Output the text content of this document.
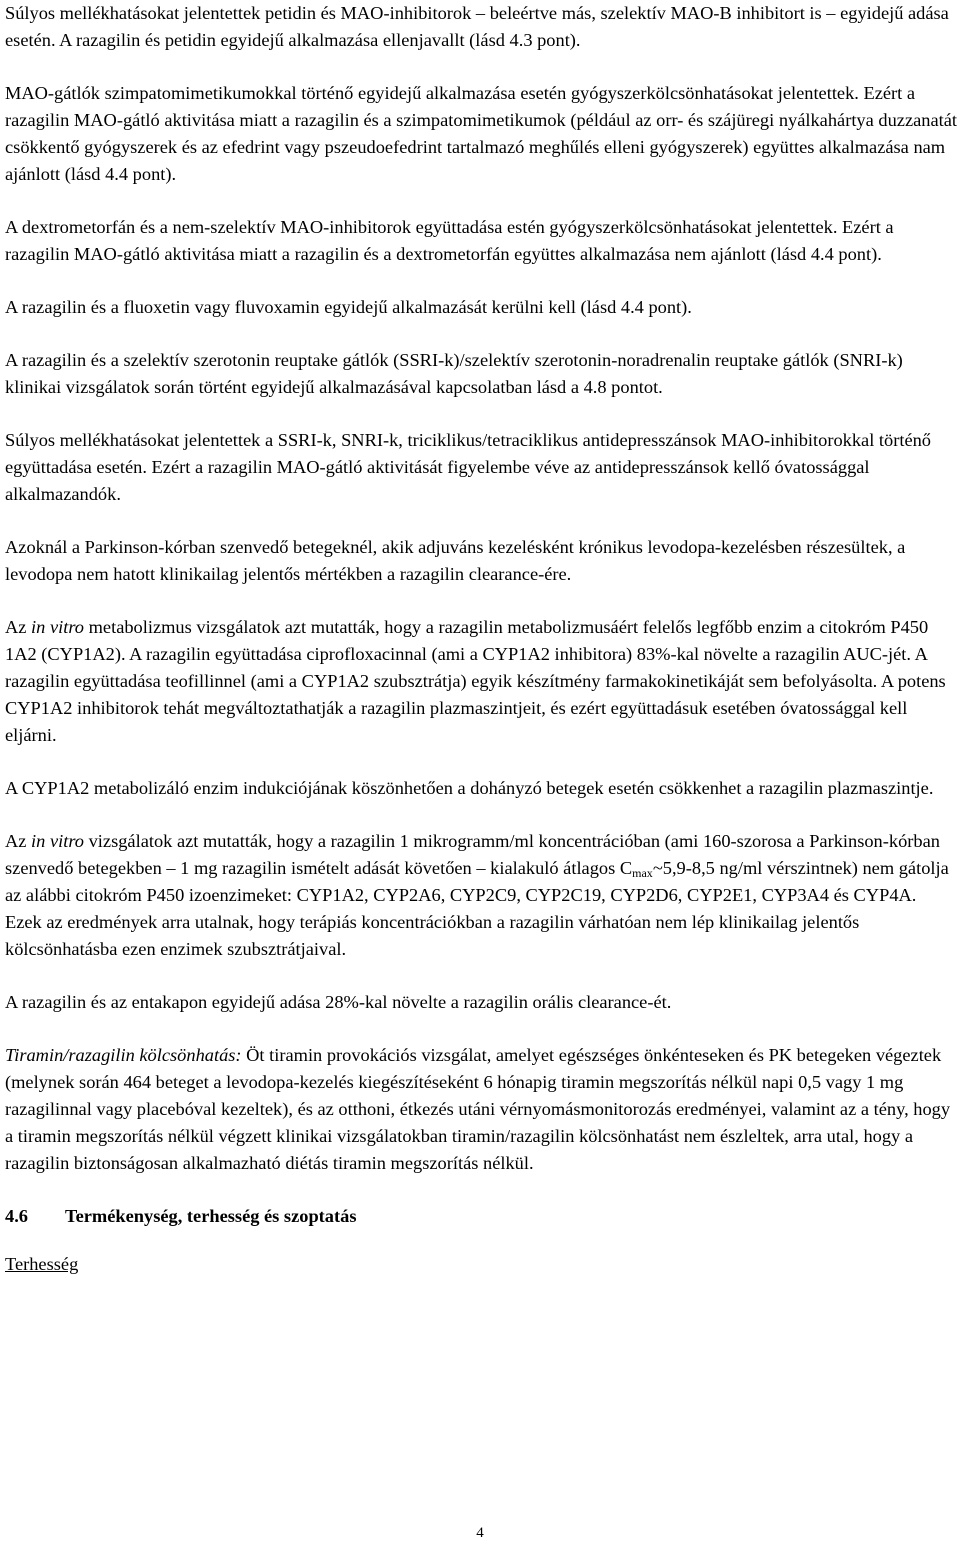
Súlyos mellékhatásokat jelentettek petidin és MAO-inhibitorok – beleértve más, szelektív MAO-B inhibitort is – egyidejű adása esetén. A razagilin és petidin egyidejű alkalmazása ellenjavallt (lásd 4.3 pont).

MAO-gátlók szimpatomimetikumokkal történő egyidejű alkalmazása esetén gyógyszerkölcsönhatásokat jelentettek. Ezért a razagilin MAO-gátló aktivitása miatt a razagilin és a szimpatomimetikumok (például az orr- és szájüregi nyálkahártya duzzanatát csökkentő gyógyszerek és az efedrint vagy pszeudoefedrint tartalmazó meghűlés elleni gyógyszerek) együttes alkalmazása nam ajánlott (lásd 4.4 pont).

A dextrometorfán és a nem-szelektív MAO-inhibitorok együttadása estén gyógyszerkölcsönhatásokat jelentettek. Ezért a razagilin MAO-gátló aktivitása miatt a razagilin és a dextrometorfán együttes alkalmazása nem ajánlott (lásd 4.4 pont).

A razagilin és a fluoxetin vagy fluvoxamin egyidejű alkalmazását kerülni kell (lásd 4.4 pont).

A razagilin és a szelektív szerotonin reuptake gátlók (SSRI-k)/szelektív szerotonin-noradrenalin reuptake gátlók (SNRI-k) klinikai vizsgálatok során történt egyidejű alkalmazásával kapcsolatban lásd a 4.8 pontot.

Súlyos mellékhatásokat jelentettek a SSRI-k, SNRI-k, triciklikus/tetraciklikus antidepresszánsok MAO-inhibitorokkal történő együttadása esetén. Ezért a razagilin MAO-gátló aktivitását figyelembe véve az antidepresszánsok kellő óvatossággal alkalmazandók.

Azoknál a Parkinson-kórban szenvedő betegeknél, akik adjuváns kezelésként krónikus levodopa-kezelésben részesültek, a levodopa nem hatott klinikailag jelentős mértékben a razagilin clearance-ére.

Az in vitro metabolizmus vizsgálatok azt mutatták, hogy a razagilin metabolizmusáért felelős legfőbb enzim a citokróm P450 1A2 (CYP1A2). A razagilin együttadása ciprofloxacinnal (ami a CYP1A2 inhibitora) 83%-kal növelte a razagilin AUC-jét. A razagilin együttadása teofillinnel (ami a CYP1A2 szubsztrátja) egyik készítmény farmakokinetikáját sem befolyásolta. A potens CYP1A2 inhibitorok tehát megváltoztathatják a razagilin plazmaszintjeit, és ezért együttadásuk esetében óvatossággal kell eljárni.

A CYP1A2 metabolizáló enzim indukciójának köszönhetően a dohányzó betegek esetén csökkenhet a razagilin plazmaszintje.

Az in vitro vizsgálatok azt mutatták, hogy a razagilin 1 mikrogramm/ml koncentrációban (ami 160-szorosa a Parkinson-kórban szenvedő betegekben – 1 mg razagilin ismételt adását követően – kialakuló átlagos $C_{max}\sim 5,9-8,5$ ng/ml vérszintnek) nem gátolja az alábbi citokróm P450 izoenzimeket: CYP1A2, CYP2A6, CYP2C9, CYP2C19, CYP2D6, CYP2E1, CYP3A4 és CYP4A. Ezek az eredmények arra utalnak, hogy terápiás koncentrációkban a razagilin várhatóan nem lép klinikailag jelentős kölcsönhatásba ezen enzimek szubsztrátjaival.

A razagilin és az entakapon egyidejű adása 28%-kal növelte a razagilin orális clearance-ét.

Tiramin/razagilin kölcsönhatás: Öt tiramin provokációs vizsgálat, amelyet egészséges önkénteseken és PK betegeken végeztek (melynek során 464 beteget a levodopa-kezelés kiegészítéseként 6 hónapig tiramin megszorítás nélkül napi 0,5 vagy 1 mg razagilinnal vagy placebóval kezeltek), és az otthoni, étkezés utáni vérnyomásmonitorozás eredményei, valamint az a tény, hogy a tiramin megszorítás nélkül végzett klinikai vizsgálatokban tiramin/razagilin kölcsönhatást nem észleltek, arra utal, hogy a razagilin biztonságosan alkalmazható diétás tiramin megszorítás nélkül.

4.6	Termékenység, terhesség és szoptatás

Terhesség

4
